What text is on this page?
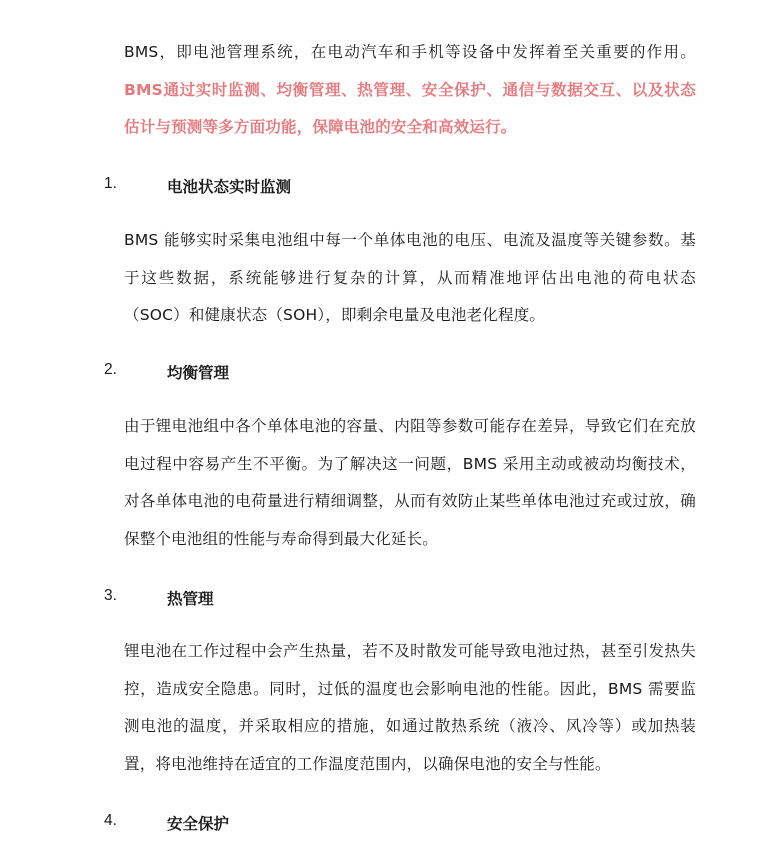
BMS，即电池管理系统，在电动汽车和手机等设备中发挥着至关重要的作用。BMS通过实时监测、均衡管理、热管理、安全保护、通信与数据交互、以及状态估计与预测等多方面功能，保障电池的安全和高效运行。

1.	电池状态实时监测

BMS 能够实时采集电池组中每一个单体电池的电压、电流及温度等关键参数。基于这些数据，系统能够进行复杂的计算，从而精准地评估出电池的荷电状态（SOC）和健康状态（SOH），即剩余电量及电池老化程度。

2.	均衡管理

由于锂电池组中各个单体电池的容量、内阻等参数可能存在差异，导致它们在充放电过程中容易产生不平衡。为了解决这一问题，BMS 采用主动或被动均衡技术，对各单体电池的电荷量进行精细调整，从而有效防止某些单体电池过充或过放，确保整个电池组的性能与寿命得到最大化延长。

3.	热管理

锂电池在工作过程中会产生热量，若不及时散发可能导致电池过热，甚至引发热失控，造成安全隐患。同时，过低的温度也会影响电池的性能。因此，BMS 需要监测电池的温度，并采取相应的措施，如通过散热系统（液冷、风冷等）或加热装置，将电池维持在适宜的工作温度范围内，以确保电池的安全与性能。

4.	安全保护
